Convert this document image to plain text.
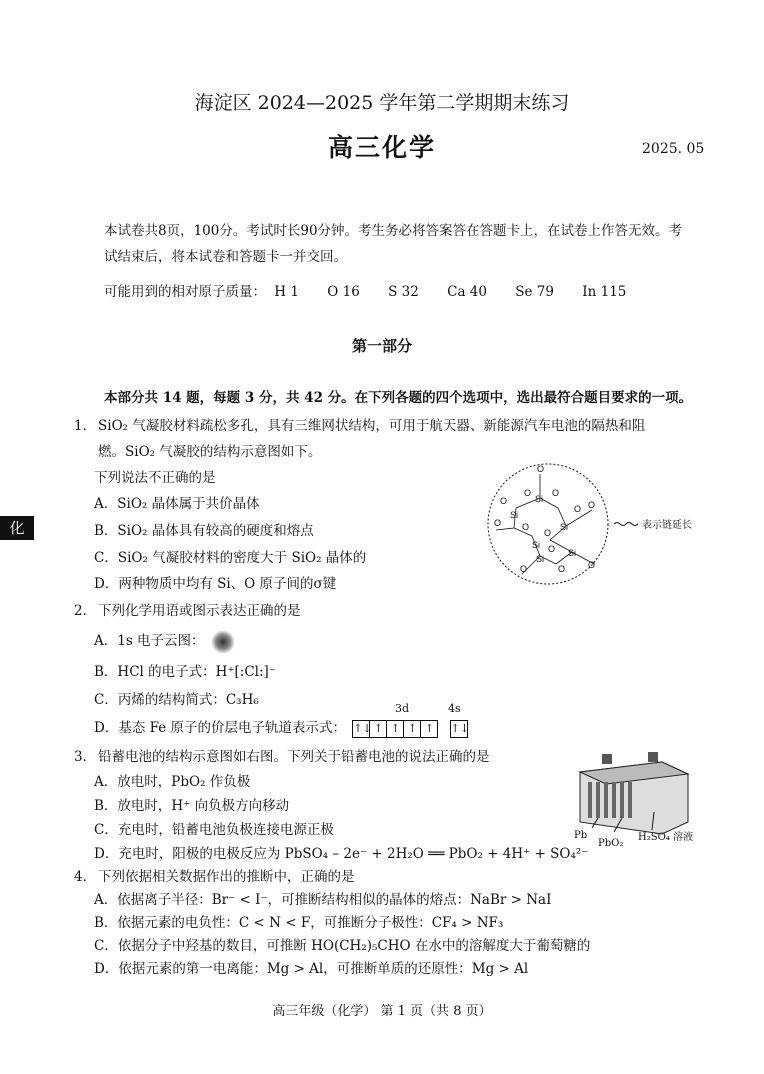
海淀区 2024—2025 学年第二学期期末练习
高三化学	2025. 05
本试卷共8页，100分。考试时长90分钟。考生务必将答案答在答题卡上，在试卷上作答无效。考试结束后，将本试卷和答题卡一并交回。
可能用到的相对原子质量： H 1 O 16 S 32 Ca 40 Se 79 In 115
第一部分
本部分共 14 题，每题 3 分，共 42 分。在下列各题的四个选项中，选出最符合题目要求的一项。
化
1． SiO₂ 气凝胶材料疏松多孔，具有三维网状结构，可用于航天器、新能源汽车电池的隔热和阻
燃。SiO₂ 气凝胶的结构示意图如下。
下列说法不正确的是
A．SiO₂ 晶体属于共价晶体
B．SiO₂ 晶体具有较高的硬度和熔点
C．SiO₂ 气凝胶材料的密度大于 SiO₂ 晶体的
D．两种物质中均有 Si、O 原子间的σ键
Si
Si
Si
Si
Si
Si
O
O O
O
O
O O
O
O
O
O	O	O
表示链延长
2． 下列化学用语或图示表达正确的是
A．1s 电子云图：
B．HCl 的电子式：H⁺[:Cl:]⁻
C．丙烯的结构简式：C₃H₆
D．基态 Fe 原子的价层电子轨道表示式： ↑↓ ↑ ↑ ↑ ↑ ↑↓
3d	4s
3． 铅蓄电池的结构示意图如右图。下列关于铅蓄电池的说法正确的是
A．放电时，PbO₂ 作负极
B．放电时，H⁺ 向负极方向移动
C．充电时，铅蓄电池负极连接电源正极
D．充电时，阳极的电极反应为 PbSO₄ – 2e⁻ + 2H₂O ══ PbO₂ + 4H⁺ + SO₄²⁻
Pb
PbO₂
H₂SO₄ 溶液
4． 下列依据相关数据作出的推断中，正确的是
A．依据离子半径：Br⁻ < I⁻，可推断结构相似的晶体的熔点：NaBr > NaI
B．依据元素的电负性：C < N < F，可推断分子极性：CF₄ > NF₃
C．依据分子中羟基的数目，可推断 HO(CH₂)₅CHO 在水中的溶解度大于葡萄糖的
D．依据元素的第一电离能：Mg > Al，可推断单质的还原性：Mg > Al
高三年级（化学） 第 1 页（共 8 页）
